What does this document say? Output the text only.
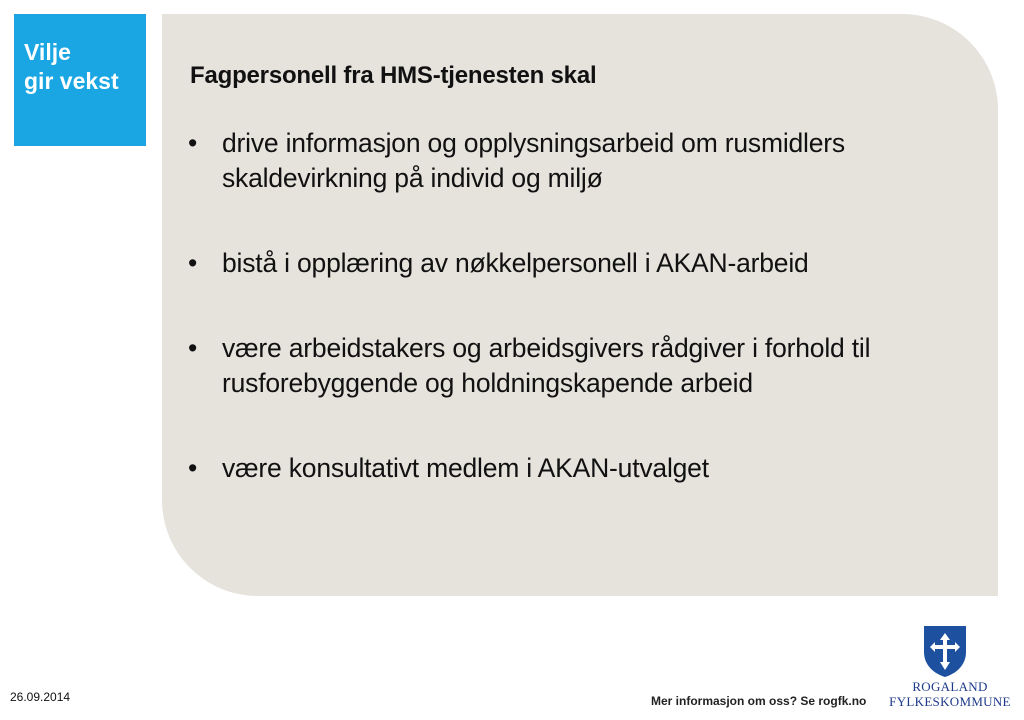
Vilje
gir vekst	Fagpersonell fra HMS-tjenesten skal
• drive informasjon og opplysningsarbeid om rusmidlers skaldevirkning på individ og miljø
• bistå i opplæring av nøkkelpersonell i AKAN-arbeid
• være arbeidstakers og arbeidsgivers rådgiver i forhold til rusforebyggende og holdningskapende arbeid
• være konsultativt medlem i AKAN-utvalget
26.09.2014	Mer informasjon om oss? Se rogfk.no
ROGALAND
FYLKESKOMMUNE
